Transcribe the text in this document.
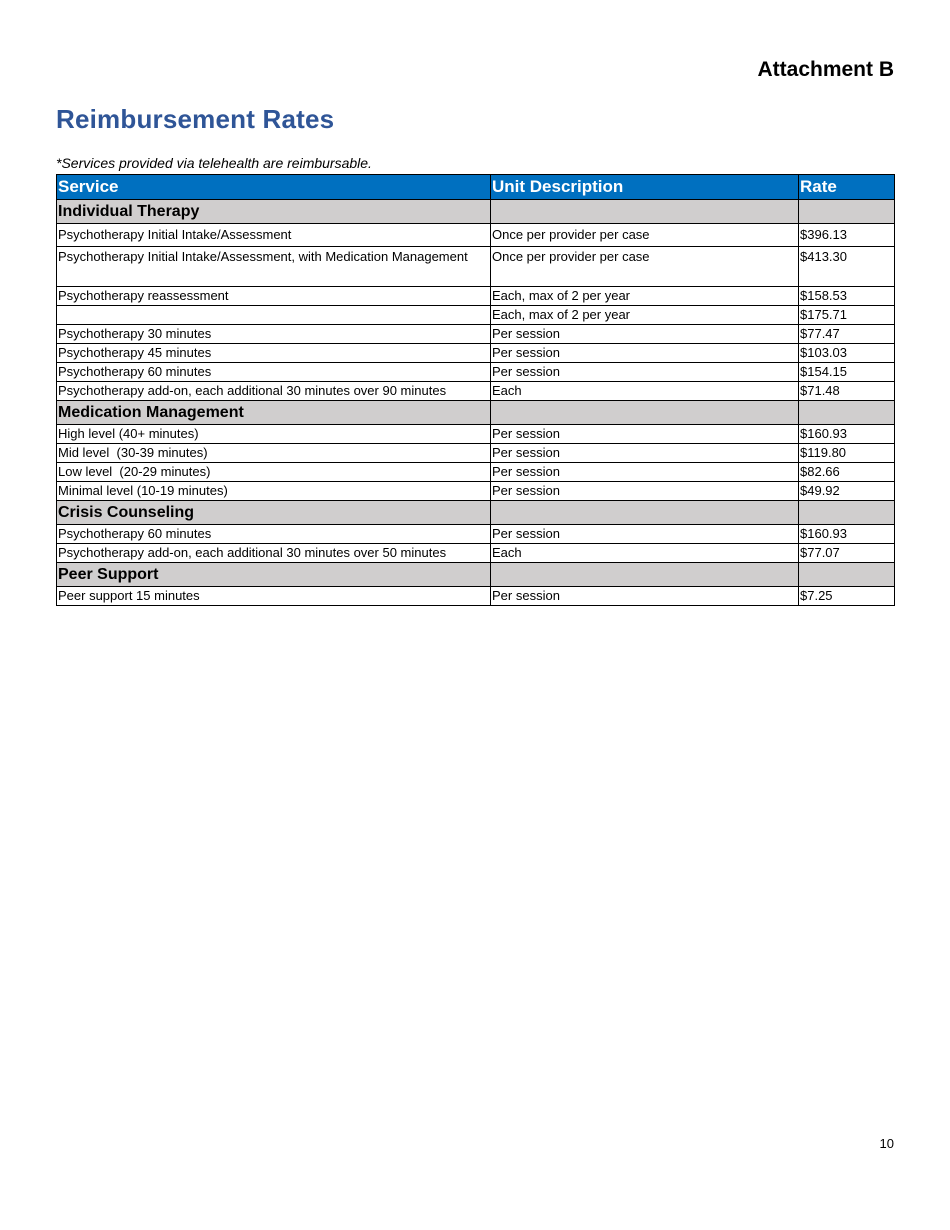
Attachment B
Reimbursement Rates
*Services provided via telehealth are reimbursable.
Service	Unit Description	Rate
Individual Therapy		
Psychotherapy Initial Intake/Assessment	Once per provider per case	$396.13
Psychotherapy Initial Intake/Assessment, with Medication Management	Once per provider per case	$413.30
Psychotherapy reassessment	Each, max of 2 per year	$158.53
	Each, max of 2 per year	$175.71
Psychotherapy 30 minutes	Per session	$77.47
Psychotherapy 45 minutes	Per session	$103.03
Psychotherapy 60 minutes	Per session	$154.15
Psychotherapy add-on, each additional 30 minutes over 90 minutes	Each	$71.48
Medication Management		
High level (40+ minutes)	Per session	$160.93
Mid level  (30-39 minutes)	Per session	$119.80
Low level  (20-29 minutes)	Per session	$82.66
Minimal level (10-19 minutes)	Per session	$49.92
Crisis Counseling		
Psychotherapy 60 minutes	Per session	$160.93
Psychotherapy add-on, each additional 30 minutes over 50 minutes	Each	$77.07
Peer Support		
Peer support 15 minutes	Per session	$7.25
10
